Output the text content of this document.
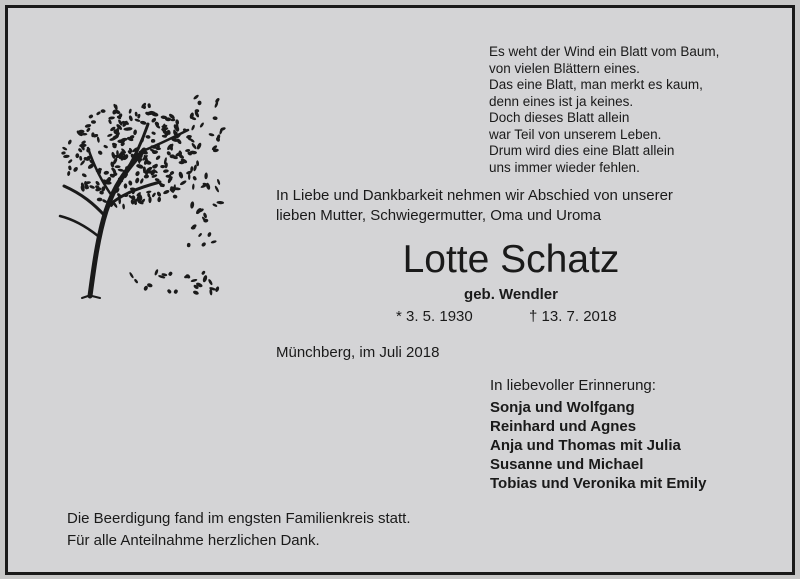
Es weht der Wind ein Blatt vom Baum,
von vielen Blättern eines.
Das eine Blatt, man merkt es kaum,
denn eines ist ja keines.
Doch dieses Blatt allein
war Teil von unserem Leben.
Drum wird dies eine Blatt allein
uns immer wieder fehlen.
In Liebe und Dankbarkeit nehmen wir Abschied von unserer
lieben Mutter, Schwiegermutter, Oma und Uroma
Lotte Schatz
geb. Wendler
* 3. 5. 1930	† 13. 7. 2018
Münchberg, im Juli 2018
In liebevoller Erinnerung:
Sonja und Wolfgang
Reinhard und Agnes
Anja und Thomas mit Julia
Susanne und Michael
Tobias und Veronika mit Emily
Die Beerdigung fand im engsten Familienkreis statt.
Für alle Anteilnahme herzlichen Dank.
